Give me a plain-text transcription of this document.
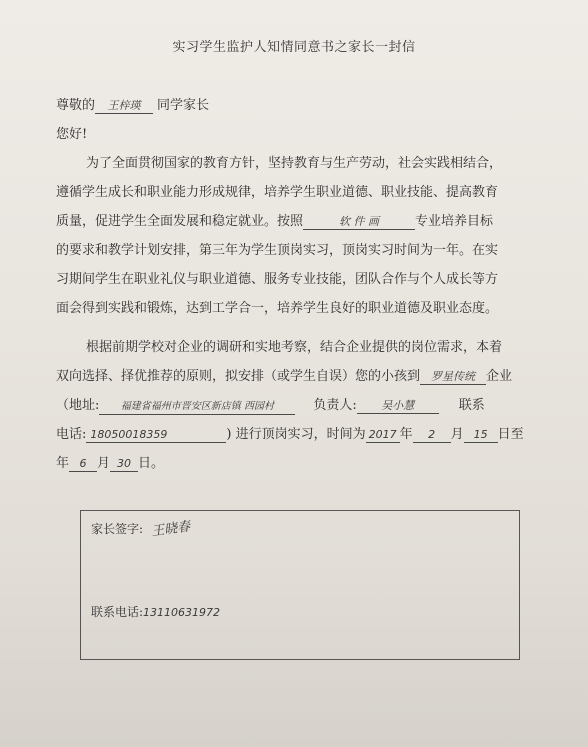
实习学生监护人知情同意书之家长一封信
尊敬的 王梓瑛 同学家长
您好!
为了全面贯彻国家的教育方针，坚持教育与生产劳动，社会实践相结合，
遵循学生成长和职业能力形成规律，培养学生职业道德、职业技能、提高教育
质量，促进学生全面发展和稳定就业。按照	软 件 画	专业培养目标
的要求和教学计划安排，第三年为学生顶岗实习，顶岗实习时间为一年。在实
习期间学生在职业礼仪与职业道德、服务专业技能，团队合作与个人成长等方
面会得到实践和锻炼，达到工学合一，培养学生良好的职业道德及职业态度。
根据前期学校对企业的调研和实地考察，结合企业提供的岗位需求，本着
双向选择、择优推荐的原则，拟安排（或学生自误）您的小孩到 罗星传统 企业
（地址: 福建省福州市晋安区新店镇 西园村	负责人: 吴小慧	联系
电话: 18050018359	) 进行顶岗实习，时间为 2017 年 2 月 15 日至
年 6 月 30 日。
家长签字: 王晓春
联系电话:13110631972
